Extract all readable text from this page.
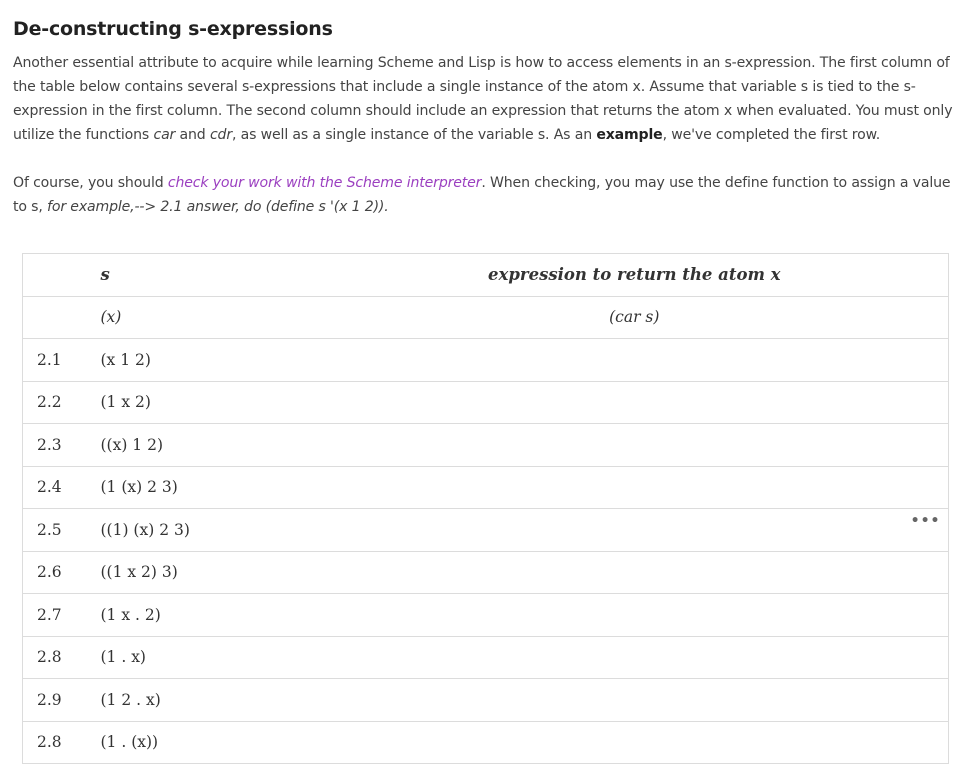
De-constructing s-expressions
Another essential attribute to acquire while learning Scheme and Lisp is how to access elements in an s-expression. The first column of the table below contains several s-expressions that include a single instance of the atom x. Assume that variable s is tied to the s-expression in the first column. The second column should include an expression that returns the atom x when evaluated. You must only utilize the functions car and cdr, as well as a single instance of the variable s. As an example, we've completed the first row.
Of course, you should check your work with the Scheme interpreter. When checking, you may use the define function to assign a value to s, for example,--> 2.1 answer, do (define s '(x 1 2)).
	s	expression to return the atom x
•••

	(x)	(car s)
2.1	(x 1 2)	
2.2	(1 x 2)	
2.3	((x) 1 2)	
2.4	(1 (x) 2 3)	
2.5	((1) (x) 2 3)	
2.6	((1 x 2) 3)	
2.7	(1 x . 2)	
2.8	(1 . x)	
2.9	(1 2 . x)	
2.8	(1 . (x))	
